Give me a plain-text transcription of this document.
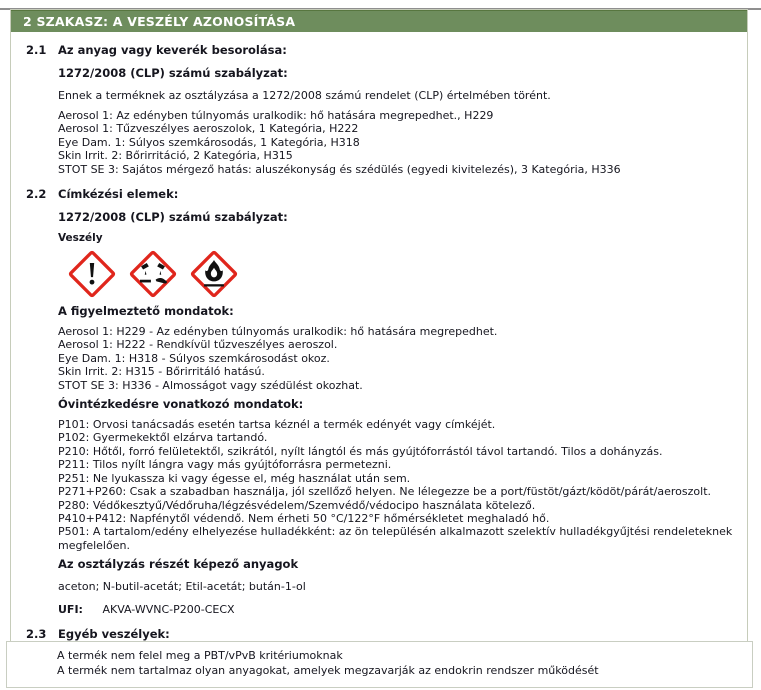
2 SZAKASZ: A VESZÉLY AZONOSÍTÁSA
2.1	Az anyag vagy keverék besorolása:
1272/2008 (CLP) számú szabályzat:
Ennek a terméknek az osztályzása a 1272/2008 számú rendelet (CLP) értelmében törént.
Aerosol 1: Az edényben túlnyomás uralkodik: hő hatására megrepedhet., H229
Aerosol 1: Tűzveszélyes aeroszolok, 1 Kategória, H222
Eye Dam. 1: Súlyos szemkárosodás, 1 Kategória, H318
Skin Irrit. 2: Bőrirritáció, 2 Kategória, H315
STOT SE 3: Sajátos mérgező hatás: aluszékonyság és szédülés (egyedi kivitelezés), 3 Kategória, H336
2.2	Címkézési elemek:
1272/2008 (CLP) számú szabályzat:
Veszély
A figyelmeztető mondatok:
Aerosol 1: H229 - Az edényben túlnyomás uralkodik: hő hatására megrepedhet.
Aerosol 1: H222 - Rendkívül tűzveszélyes aeroszol.
Eye Dam. 1: H318 - Súlyos szemkárosodást okoz.
Skin Irrit. 2: H315 - Bőrirritáló hatású.
STOT SE 3: H336 - Almosságot vagy szédülést okozhat.
Óvintézkedésre vonatkozó mondatok:
P101: Orvosi tanácsadás esetén tartsa kéznél a termék edényét vagy címkéjét.
P102: Gyermekektől elzárva tartandó.
P210: Hőtől, forró felületektől, szikrától, nyílt lángtól és más gyújtóforrástól távol tartandó. Tilos a dohányzás.
P211: Tilos nyílt lángra vagy más gyújtóforrásra permetezni.
P251: Ne lyukassza ki vagy égesse el, még használat után sem.
P271+P260: Csak a szabadban használja, jól szellőző helyen. Ne lélegezze be a port/füstöt/gázt/ködöt/párát/aeroszolt.
P280: Védőkesztyű/Védőruha/légzésvédelem/Szemvédő/védocipo használata kötelező.
P410+P412: Napfénytől védendő. Nem érheti 50 °C/122°F hőmérsékletet meghaladó hő.
P501: A tartalom/edény elhelyezése hulladékként: az ön településén alkalmazott szelektív hulladékgyűjtési rendeleteknek megfelelően.
Az osztályzás részét képező anyagok
aceton; N-butil-acetát; Etil-acetát; bután-1-ol
UFI: AKVA-WVNC-P200-CECX
2.3	Egyéb veszélyek:
A termék nem felel meg a PBT/vPvB kritériumoknak
A termék nem tartalmaz olyan anyagokat, amelyek megzavarják az endokrin rendszer működését
